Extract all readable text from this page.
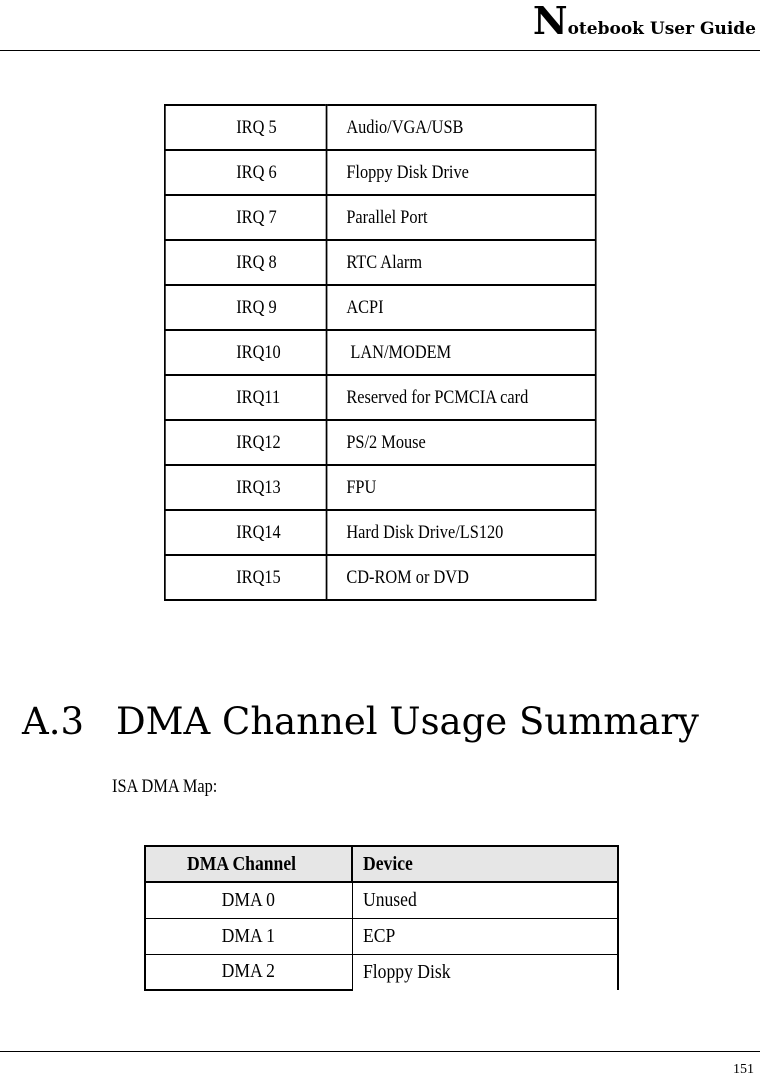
Notebook User Guide
IRQ 5	Audio/VGA/USB
IRQ 6	Floppy Disk Drive
IRQ 7	Parallel Port
IRQ 8	RTC Alarm
IRQ 9	ACPI
IRQ10	LAN/MODEM
IRQ11	Reserved for PCMCIA card
IRQ12	PS/2 Mouse
IRQ13	FPU
IRQ14	Hard Disk Drive/LS120
IRQ15	CD-ROM or DVD
A.3 DMA Channel Usage Summary
ISA DMA Map:
DMA Channel	Device
DMA 0	Unused
DMA 1	ECP
DMA 2	Floppy Disk
151
